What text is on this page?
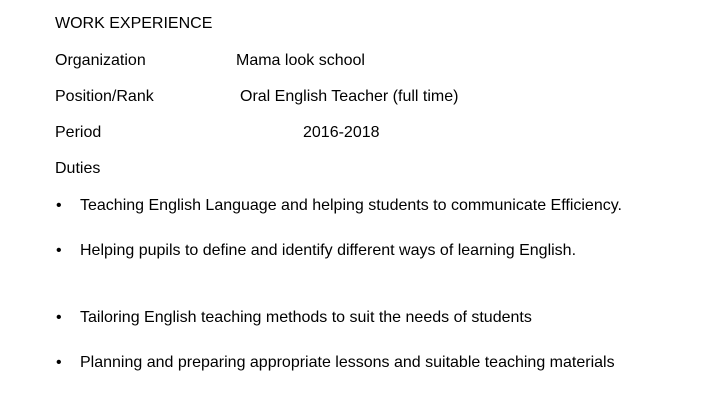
WORK EXPERIENCE
Organization	Mama look school
Position/Rank	Oral English Teacher (full time)
Period	2016-2018
Duties
• Teaching English Language and helping students to communicate Efficiency.
• Helping pupils to define and identify different ways of learning English.
• Tailoring English teaching methods to suit the needs of students
• Planning and preparing appropriate lessons and suitable teaching materials
